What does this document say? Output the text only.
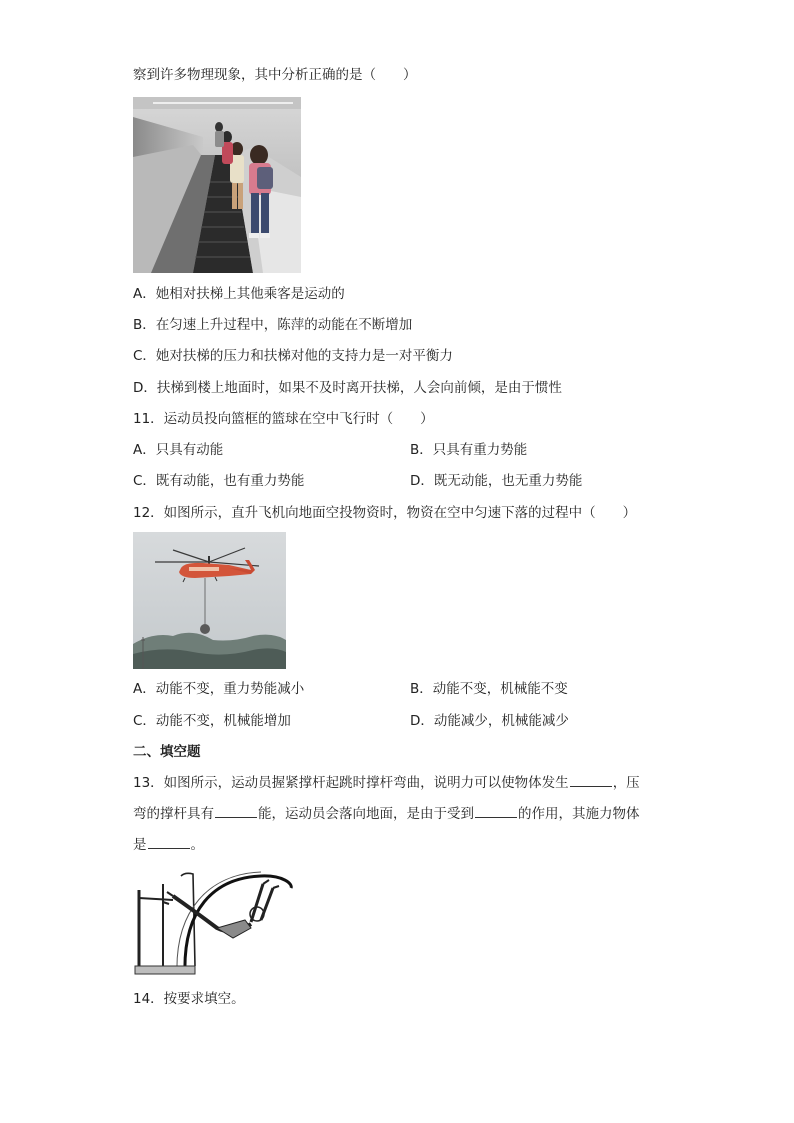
察到许多物理现象，其中分析正确的是（　　）
A．她相对扶梯上其他乘客是运动的
B．在匀速上升过程中，陈萍的动能在不断增加
C．她对扶梯的压力和扶梯对他的支持力是一对平衡力
D．扶梯到楼上地面时，如果不及时离开扶梯，人会向前倾，是由于惯性
11．运动员投向篮框的篮球在空中飞行时（　　）
A．只具有动能	B．只具有重力势能
C．既有动能，也有重力势能	D．既无动能，也无重力势能
12．如图所示，直升飞机向地面空投物资时，物资在空中匀速下落的过程中（　　）
A．动能不变，重力势能减小	B．动能不变，机械能不变
C．动能不变，机械能增加	D．动能减少，机械能减少
二、填空题
13．如图所示，运动员握紧撑杆起跳时撑杆弯曲，说明力可以使物体发生	，压
弯的撑杆具有	能，运动员会落向地面，是由于受到	的作用，其施力物体
是	。
14．按要求填空。
